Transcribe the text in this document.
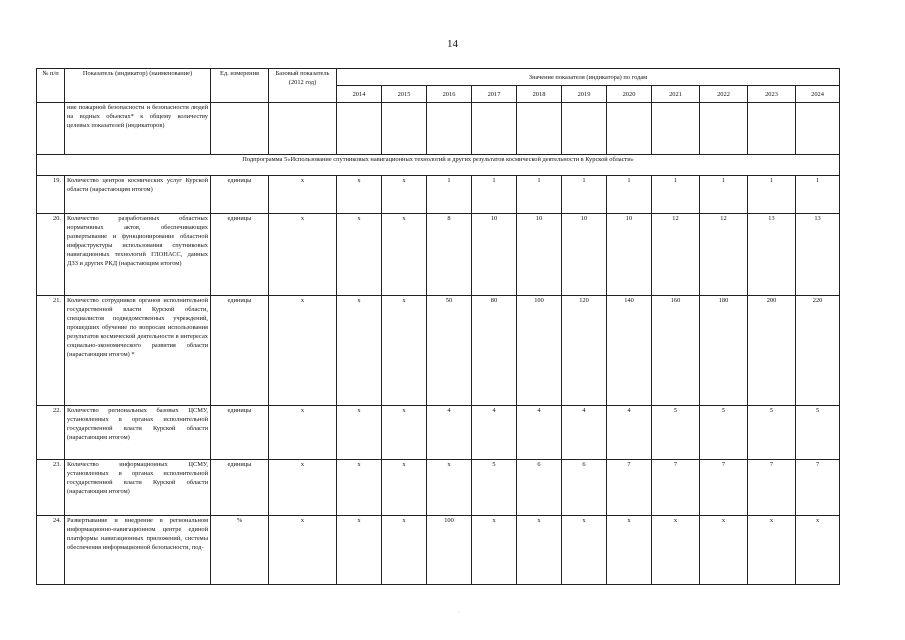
14
№ п/п	Показатель (индикатор) (наименование)	Ед. измерения	Базовый показатель (2012 год)	Значение показателя (индикатора) по годам										
				2014	2015	2016	2017	2018	2019	2020	2021	2022	2023	2024
	ние пожарной безопасности и безопасности людей на водных объектах* к общему количеству целевых показателей (индикаторов)													
Подпрограмма 5«Использование спутниковых навигационных технологий и других результатов космической деятельности в Курской области»														
19.	Количество центров космических услуг Курской области (нарастающим итогом)	единицы	х	х	х	1	1	1	1	1	1	1	1	1
20.	Количество разработанных областных нормативных актов, обеспечивающих развертывание и функционирование областной инфраструктуры использования спутниковых навигационных технологий ГЛОНАСС, данных ДЗЗ и других РКД (нарастающим итогом)	единицы	х	х	х	8	10	10	10	10	12	12	13	13
21.	Количество сотрудников органов исполнительной государственной власти Курской области, специалистов подведомственных учреждений, прошедших обучение по вопросам использования результатов космической деятельности в интересах социально-экономического развития области (нарастающим итогом) *	единицы	х	х	х	50	80	100	120	140	160	180	200	220
22.	Количество региональных базовых ЦСМУ, установленных в органах исполнительной государственной власти Курской области (нарастающим итогом)	единицы	х	х	х	4	4	4	4	4	5	5	5	5
23.	Количество информационных ЦСМУ, установленных в органах исполнительной государственной власти Курской области (нарастающим итогом)	единицы	х	х	х	х	5	6	6	7	7	7	7	7
24.	Развертывание и внедрение в региональном информационно-навигационном центре единой платформы навигационных приложений, системы обеспечения информационной безопасности, под-	%	х	х	х	100	х	х	х	х	х	х	х	х
·
